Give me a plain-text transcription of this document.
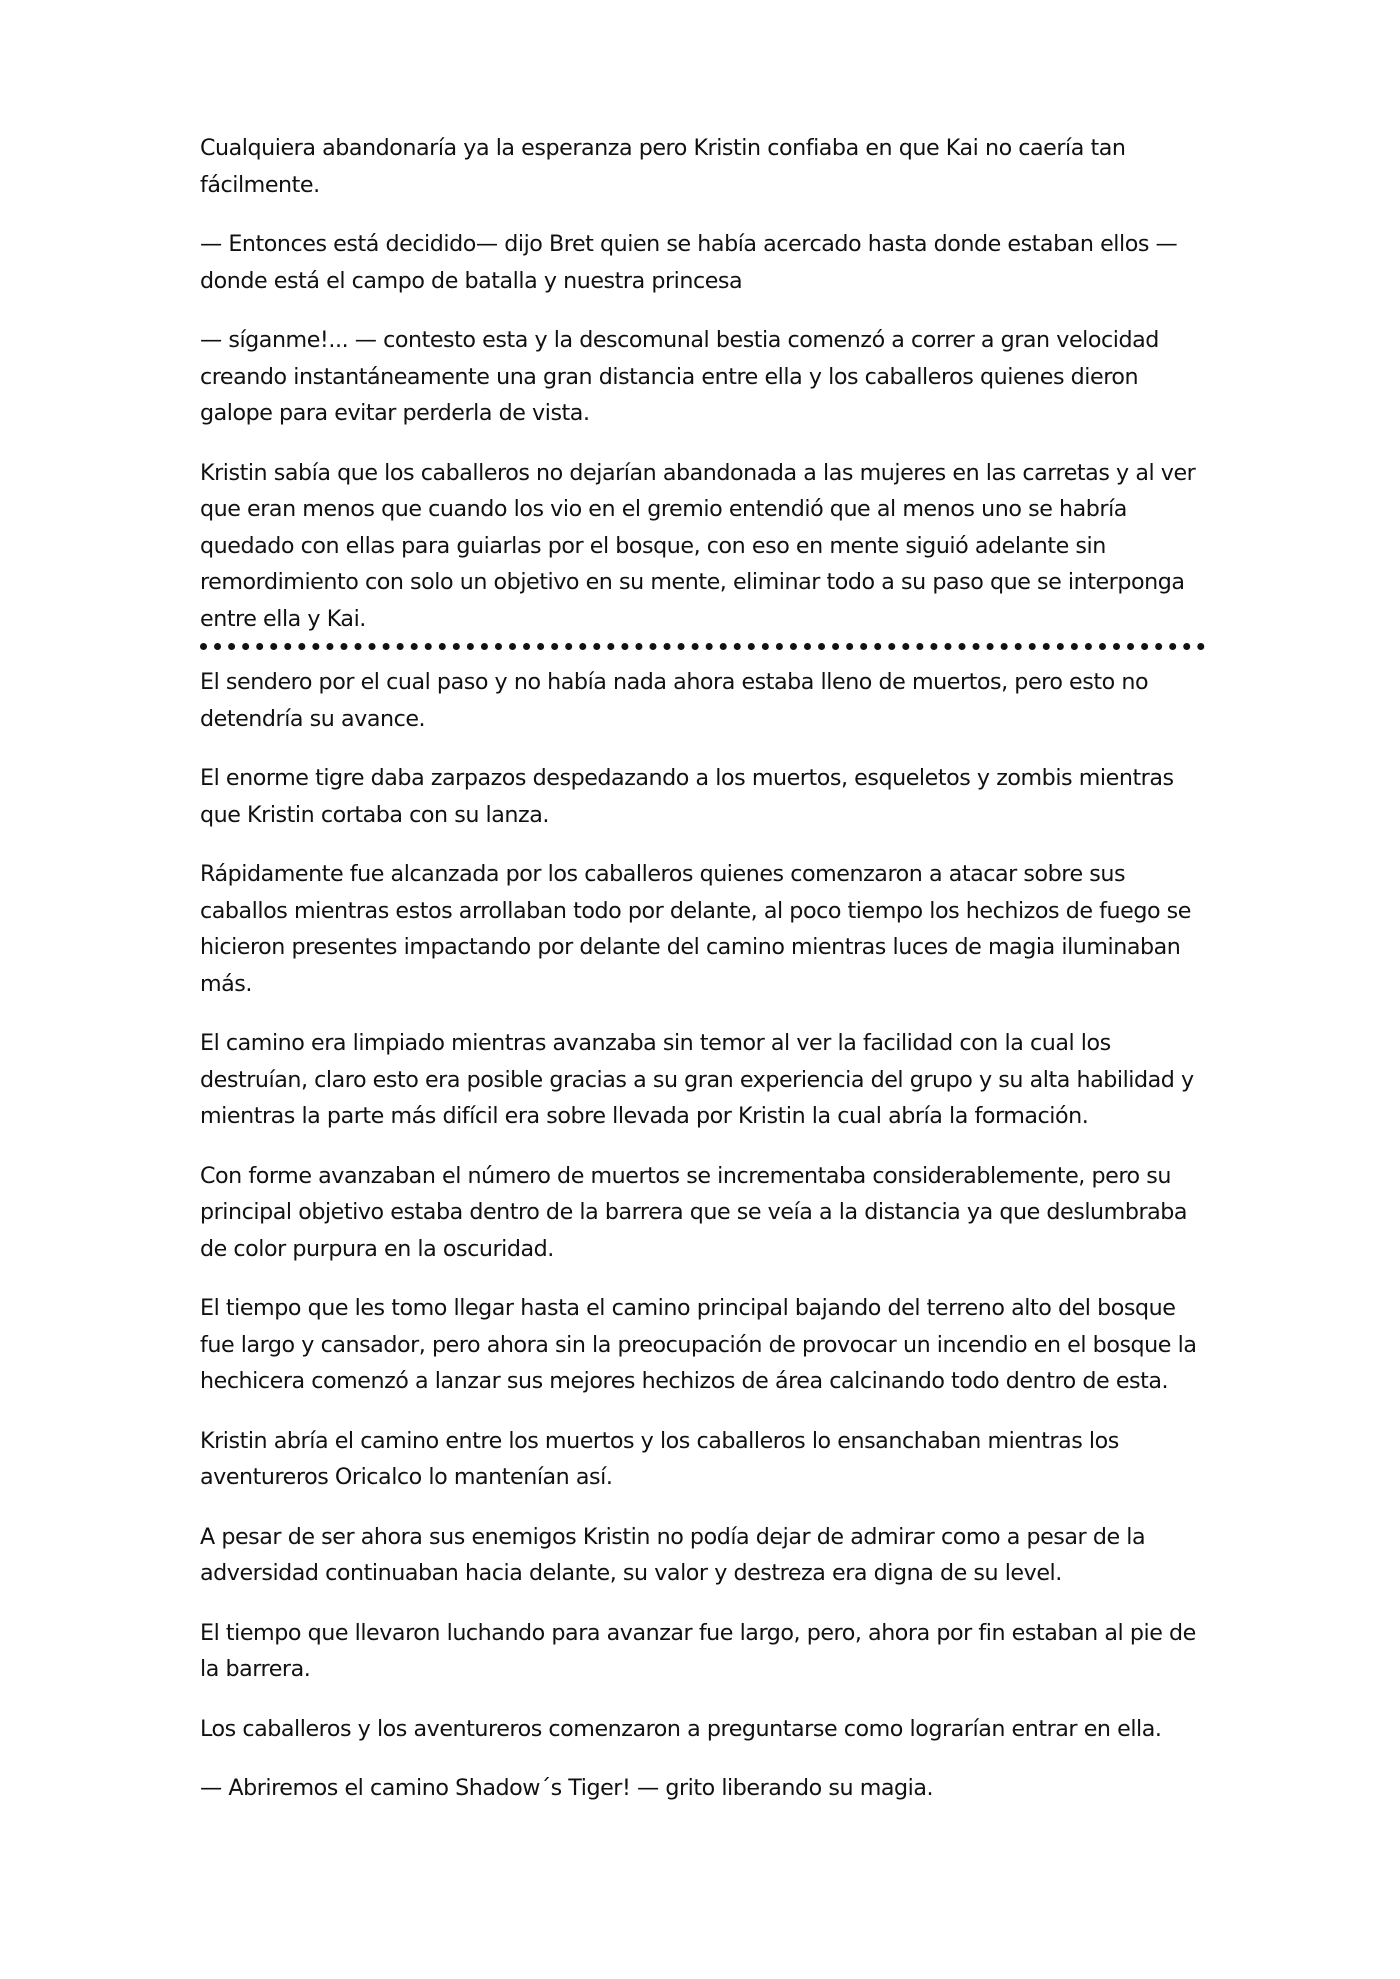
Cualquiera abandonaría ya la esperanza pero Kristin confiaba en que Kai no caería tan fácilmente.

— Entonces está decidido— dijo Bret quien se había acercado hasta donde estaban ellos — donde está el campo de batalla y nuestra princesa

— síganme!... — contesto esta y la descomunal bestia comenzó a correr a gran velocidad creando instantáneamente una gran distancia entre ella y los caballeros quienes dieron galope para evitar perderla de vista.

Kristin sabía que los caballeros no dejarían abandonada a las mujeres en las carretas y al ver que eran menos que cuando los vio en el gremio entendió que al menos uno se habría quedado con ellas para guiarlas por el bosque, con eso en mente siguió adelante sin remordimiento con solo un objetivo en su mente, eliminar todo a su paso que se interponga entre ella y Kai.

El sendero por el cual paso y no había nada ahora estaba lleno de muertos, pero esto no detendría su avance.

El enorme tigre daba zarpazos despedazando a los muertos, esqueletos y zombis mientras que Kristin cortaba con su lanza.

Rápidamente fue alcanzada por los caballeros quienes comenzaron a atacar sobre sus caballos mientras estos arrollaban todo por delante, al poco tiempo los hechizos de fuego se hicieron presentes impactando por delante del camino mientras luces de magia iluminaban más.

El camino era limpiado mientras avanzaba sin temor al ver la facilidad con la cual los destruían, claro esto era posible gracias a su gran experiencia del grupo y su alta habilidad y mientras la parte más difícil era sobre llevada por Kristin la cual abría la formación.

Con forme avanzaban el número de muertos se incrementaba considerablemente, pero su principal objetivo estaba dentro de la barrera que se veía a la distancia ya que deslumbraba de color purpura en la oscuridad.

El tiempo que les tomo llegar hasta el camino principal bajando del terreno alto del bosque fue largo y cansador, pero ahora sin la preocupación de provocar un incendio en el bosque la hechicera comenzó a lanzar sus mejores hechizos de área calcinando todo dentro de esta.

Kristin abría el camino entre los muertos y los caballeros lo ensanchaban mientras los aventureros Oricalco lo mantenían así.

A pesar de ser ahora sus enemigos Kristin no podía dejar de admirar como a pesar de la adversidad continuaban hacia delante, su valor y destreza era digna de su level.

El tiempo que llevaron luchando para avanzar fue largo, pero, ahora por fin estaban al pie de la barrera.

Los caballeros y los aventureros comenzaron a preguntarse como lograrían entrar en ella.

— Abriremos el camino Shadow´s Tiger! — grito liberando su magia.
